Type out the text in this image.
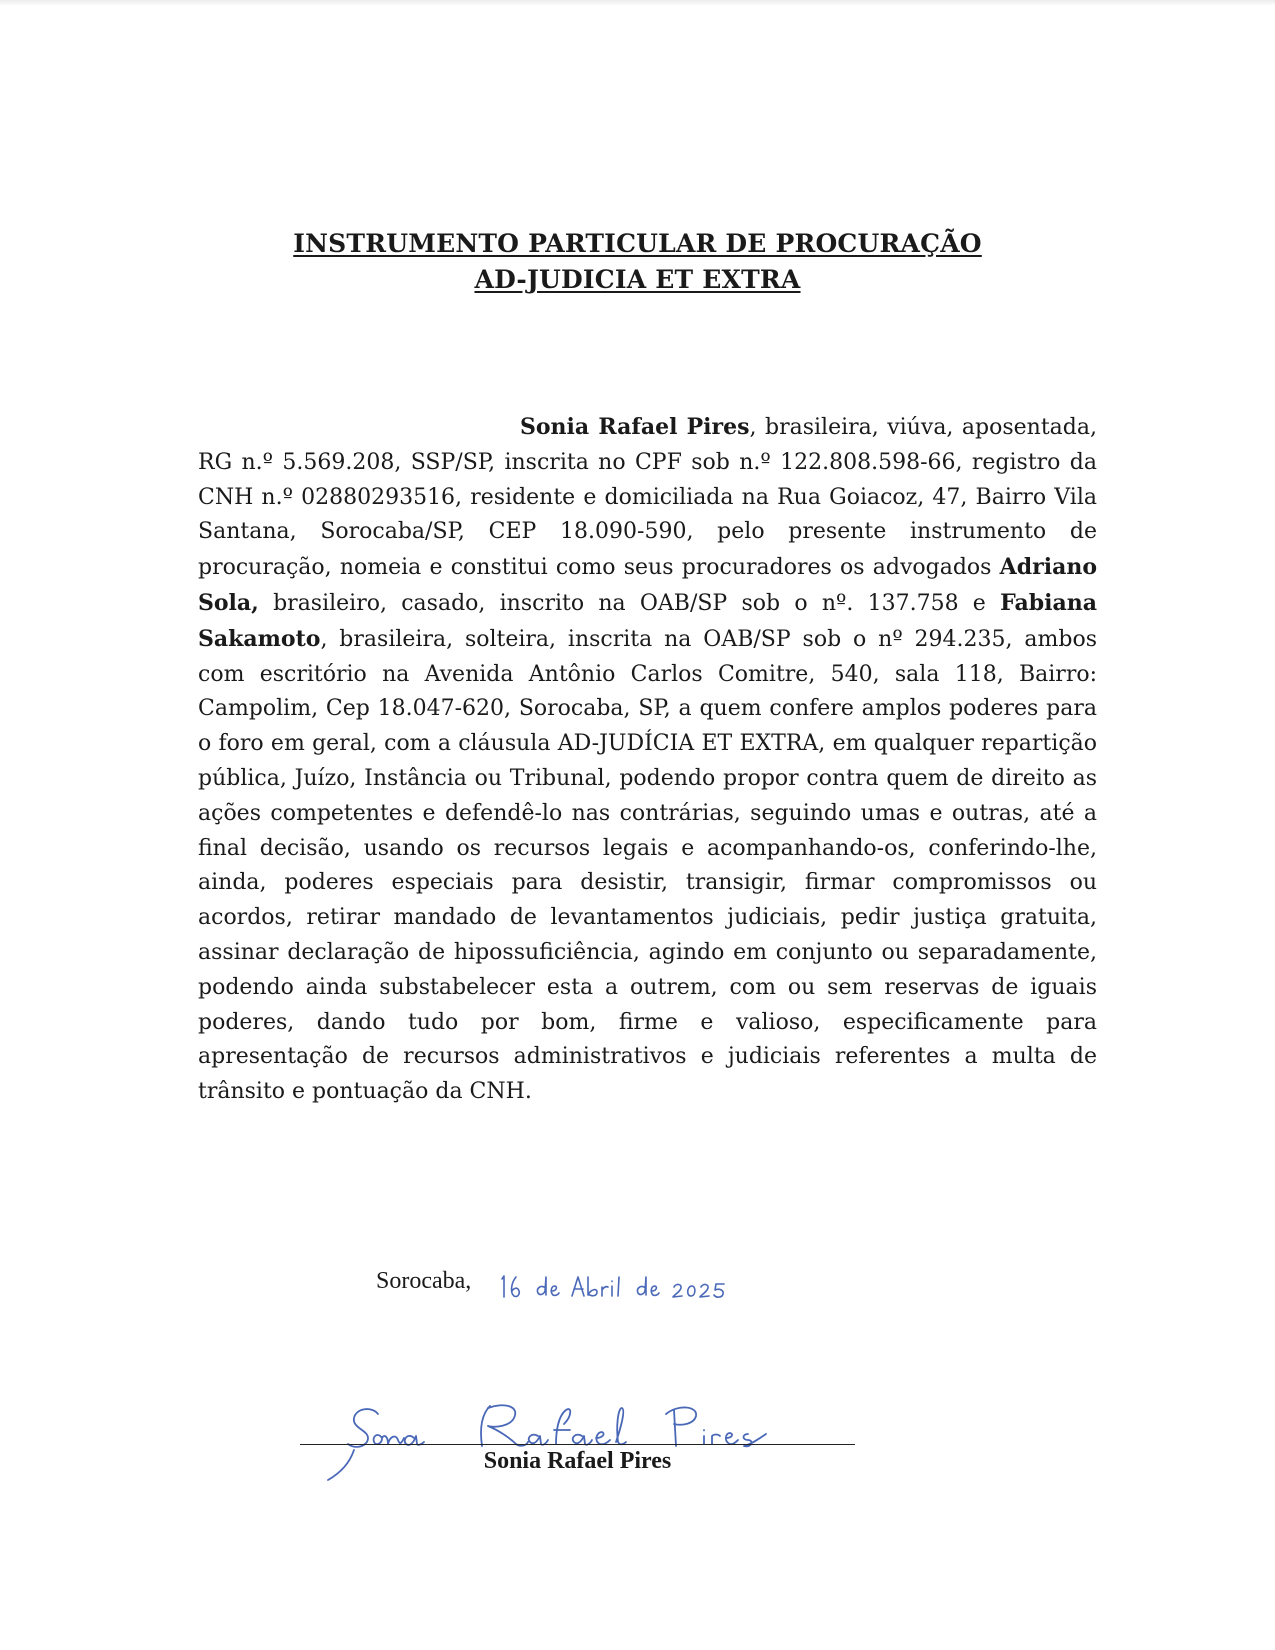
INSTRUMENTO PARTICULAR DE PROCURAÇÃO
AD-JUDICIA ET EXTRA

Sonia Rafael Pires, brasileira, viúva, aposentada, RG n.º 5.569.208, SSP/SP, inscrita no CPF sob n.º 122.808.598-66, registro da CNH n.º 02880293516, residente e domiciliada na Rua Goiacoz, 47, Bairro Vila Santana, Sorocaba/SP, CEP 18.090-590, pelo presente instrumento de procuração, nomeia e constitui como seus procuradores os advogados Adriano Sola, brasileiro, casado, inscrito na OAB/SP sob o nº. 137.758 e Fabiana Sakamoto, brasileira, solteira, inscrita na OAB/SP sob o nº 294.235, ambos com escritório na Avenida Antônio Carlos Comitre, 540, sala 118, Bairro: Campolim, Cep 18.047-620, Sorocaba, SP, a quem confere amplos poderes para o foro em geral, com a cláusula AD-JUDÍCIA ET EXTRA, em qualquer repartição pública, Juízo, Instância ou Tribunal, podendo propor contra quem de direito as ações competentes e defendê-lo nas contrárias, seguindo umas e outras, até a final decisão, usando os recursos legais e acompanhando-os, conferindo-lhe, ainda, poderes especiais para desistir, transigir, firmar compromissos ou acordos, retirar mandado de levantamentos judiciais, pedir justiça gratuita, assinar declaração de hipossuficiência, agindo em conjunto ou separadamente, podendo ainda substabelecer esta a outrem, com ou sem reservas de iguais poderes, dando tudo por bom, firme e valioso, especificamente para apresentação de recursos administrativos e judiciais referentes a multa de trânsito e pontuação da CNH.

Sorocaba,
Sonia Rafael Pires
